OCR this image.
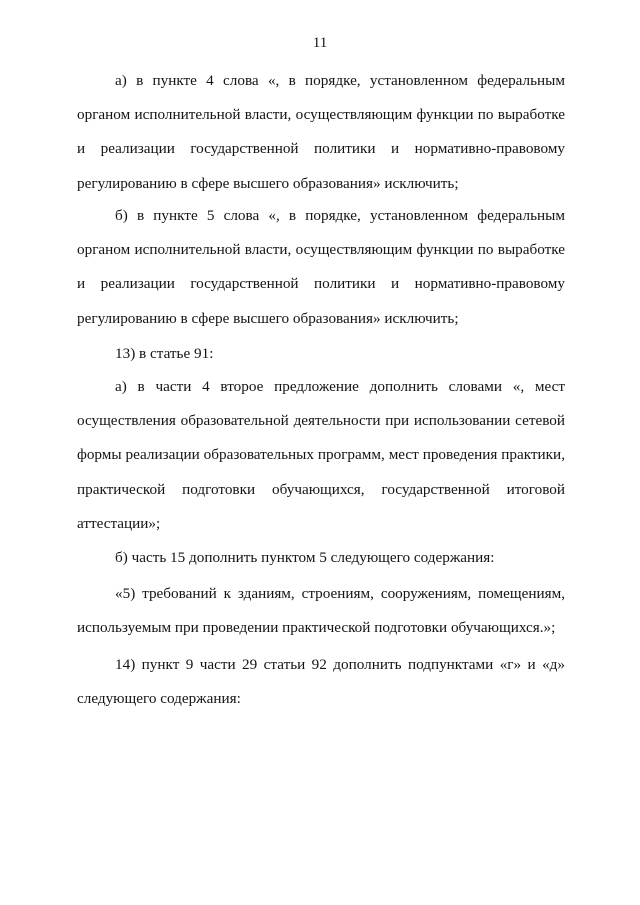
11

а) в пункте 4 слова «, в порядке, установленном федеральным органом исполнительной власти, осуществляющим функции по выработке и реализации государственной политики и нормативно-правовому регулированию в сфере высшего образования» исключить;

б) в пункте 5 слова «, в порядке, установленном федеральным органом исполнительной власти, осуществляющим функции по выработке и реализации государственной политики и нормативно-правовому регулированию в сфере высшего образования» исключить;

13) в статье 91:

а) в части 4 второе предложение дополнить словами «, мест осуществления образовательной деятельности при использовании сетевой формы реализации образовательных программ, мест проведения практики, практической подготовки обучающихся, государственной итоговой аттестации»;

б) часть 15 дополнить пунктом 5 следующего содержания:

«5) требований к зданиям, строениям, сооружениям, помещениям, используемым при проведении практической подготовки обучающихся.»;

14) пункт 9 части 29 статьи 92 дополнить подпунктами «г» и «д» следующего содержания:
